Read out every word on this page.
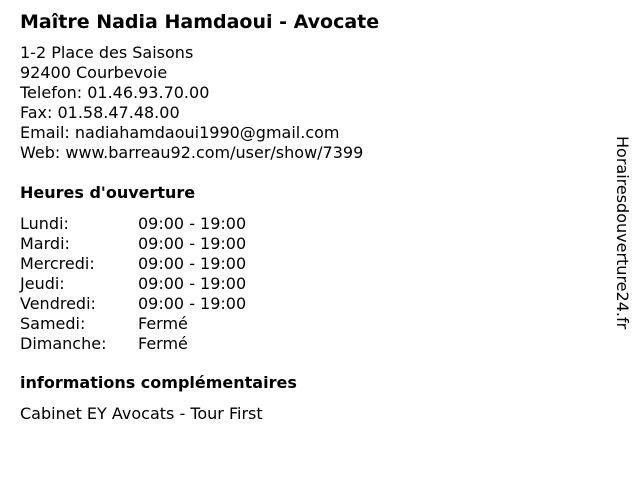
Maître Nadia Hamdaoui - Avocate
1-2 Place des Saisons
92400 Courbevoie
Telefon: 01.46.93.70.00
Fax: 01.58.47.48.00
Email: nadiahamdaoui1990@gmail.com
Web: www.barreau92.com/user/show/7399
Heures d'ouverture
Lundi:	09:00 - 19:00
Mardi:	09:00 - 19:00
Mercredi:	09:00 - 19:00
Jeudi:	09:00 - 19:00
Vendredi:	09:00 - 19:00
Samedi:	Fermé
Dimanche: Fermé
informations complémentaires
Cabinet EY Avocats - Tour First
Horairesdouverture24.fr
